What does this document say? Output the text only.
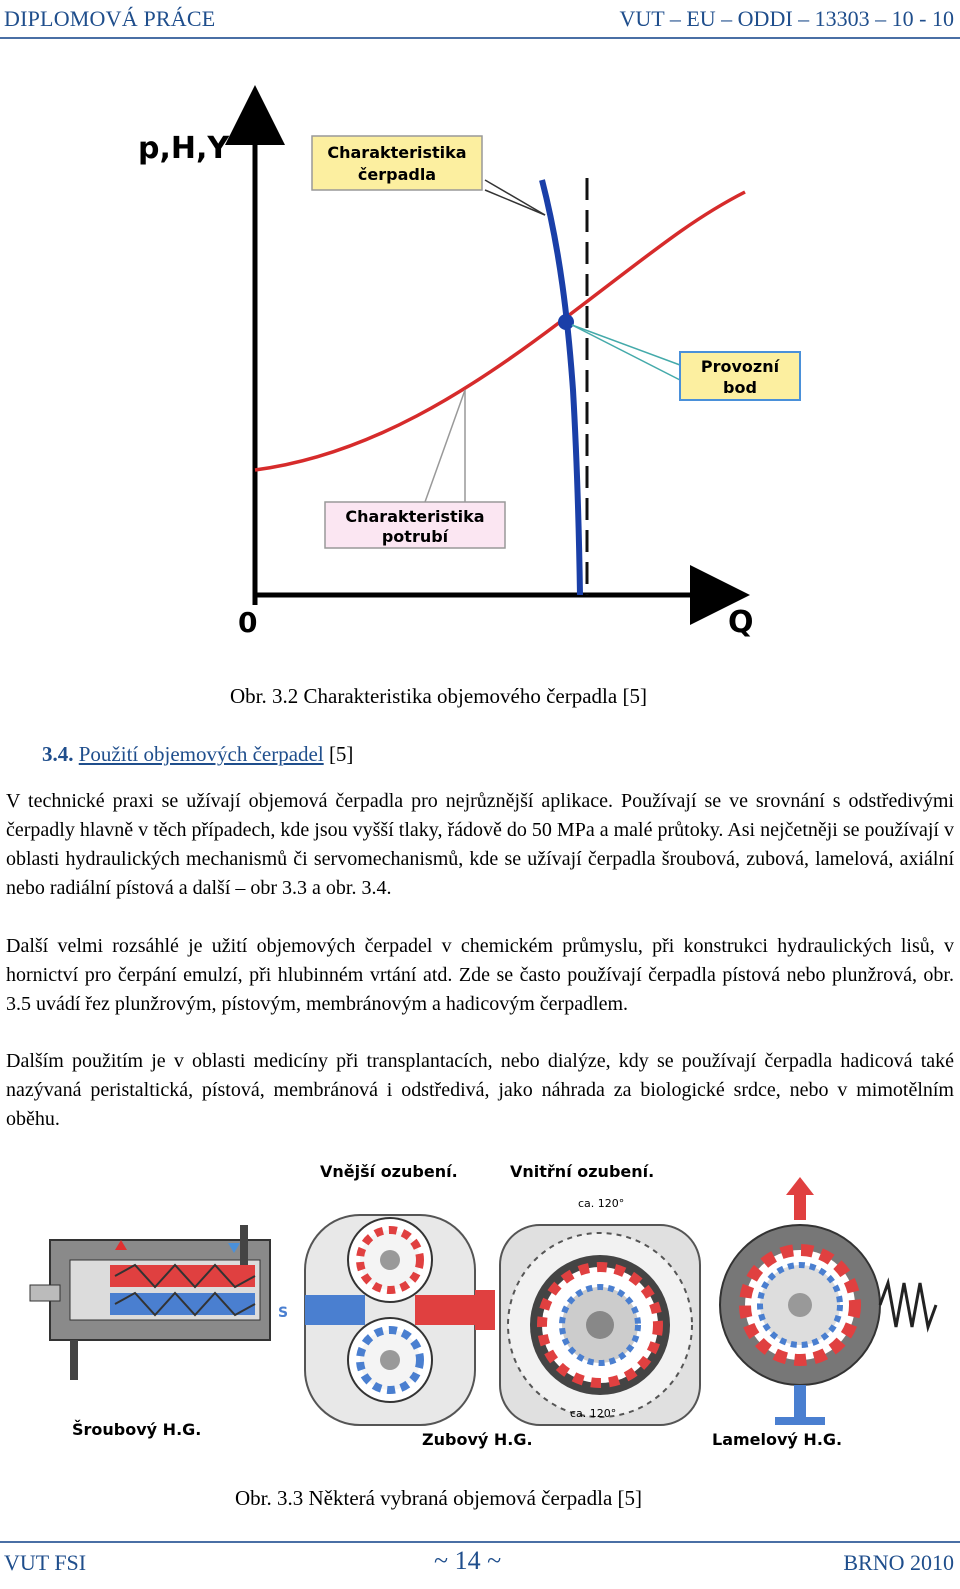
DIPLOMOVÁ PRÁCE	VUT – EU – ODDI – 13303 – 10 - 10
p,H,Y
Q
0
Charakteristika
čerpadla
Provozní
bod
Charakteristika
potrubí
Obr. 3.2 Charakteristika objemového čerpadla [5]
3.4. Použití objemových čerpadel [5]
V technické praxi se užívají objemová čerpadla pro nejrůznější aplikace. Používají se ve srovnání s odstředivými čerpadly hlavně v těch případech, kde jsou vyšší tlaky, řádově do 50 MPa a malé průtoky. Asi nejčetněji se používají v oblasti hydraulických mechanismů či servomechanismů, kde se užívají čerpadla šroubová, zubová, lamelová, axiální nebo radiální pístová a další – obr 3.3 a obr. 3.4.
Další velmi rozsáhlé je užití objemových čerpadel v chemickém průmyslu, při konstrukci hydraulických lisů, v hornictví pro čerpání emulzí, při hlubinném vrtání atd. Zde se často používají čerpadla pístová nebo plunžrová, obr. 3.5 uvádí řez plunžrovým, pístovým, membránovým a hadicovým čerpadlem.
Dalším použitím je v oblasti medicíny při transplantacích, nebo dialýze, kdy se používají čerpadla hadicová také nazývaná peristaltická, pístová, membránová i odstředivá, jako náhrada za biologické srdce, nebo v mimotělním oběhu.
Vnější ozubení.	Vnitřní ozubení.
Šroubový H.G.
S
Zubový H.G.
ca. 120°
ca. 120°
Lamelový H.G.
Obr. 3.3 Některá vybraná objemová čerpadla [5]
VUT FSI	~ 14 ~	BRNO 2010
